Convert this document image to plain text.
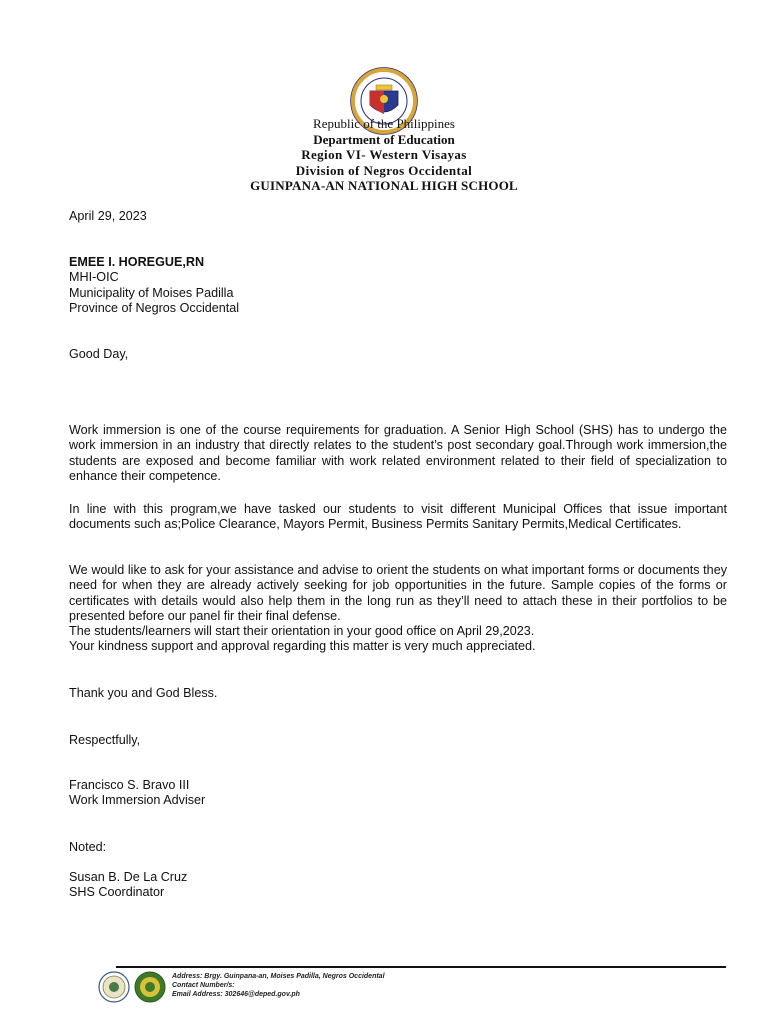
Republic of the Philippines
Department of Education
Region VI- Western Visayas
Division of Negros Occidental
GUINPANA-AN NATIONAL HIGH SCHOOL
April 29, 2023
EMEE I. HOREGUE,RN
MHI-OIC
Municipality of Moises Padilla
Province of Negros Occidental
Good Day,
Work immersion is one of the course requirements for graduation. A Senior High School (SHS) has to undergo the work immersion in an industry that directly relates to the student’s post secondary goal.Through work immersion,the students are exposed and become familiar with work related environment related to their field of specialization to enhance their competence.
In line with this program,we have tasked our students to visit different Municipal Offices that issue important documents such as;Police Clearance, Mayors Permit, Business Permits Sanitary Permits,Medical Certificates.
We would like to ask for your assistance and advise to orient the students on what important forms or documents they need for when they are already actively seeking for job opportunities in the future. Sample copies of the forms or certificates with details would also help them in the long run as they’ll need to attach these in their portfolios to be presented before our panel fir their final defense.
The students/learners will start their orientation in your good office on April 29,2023.
Your kindness support and approval regarding this matter is very much appreciated.
Thank you and God Bless.
Respectfully,
Francisco S. Bravo III
Work Immersion Adviser
Noted:
Susan B. De La Cruz
SHS Coordinator
Address: Brgy. Guinpana-an, Moises Padilla, Negros Occidental
Contact Number/s:
Email Address: 302646@deped.gov.ph
